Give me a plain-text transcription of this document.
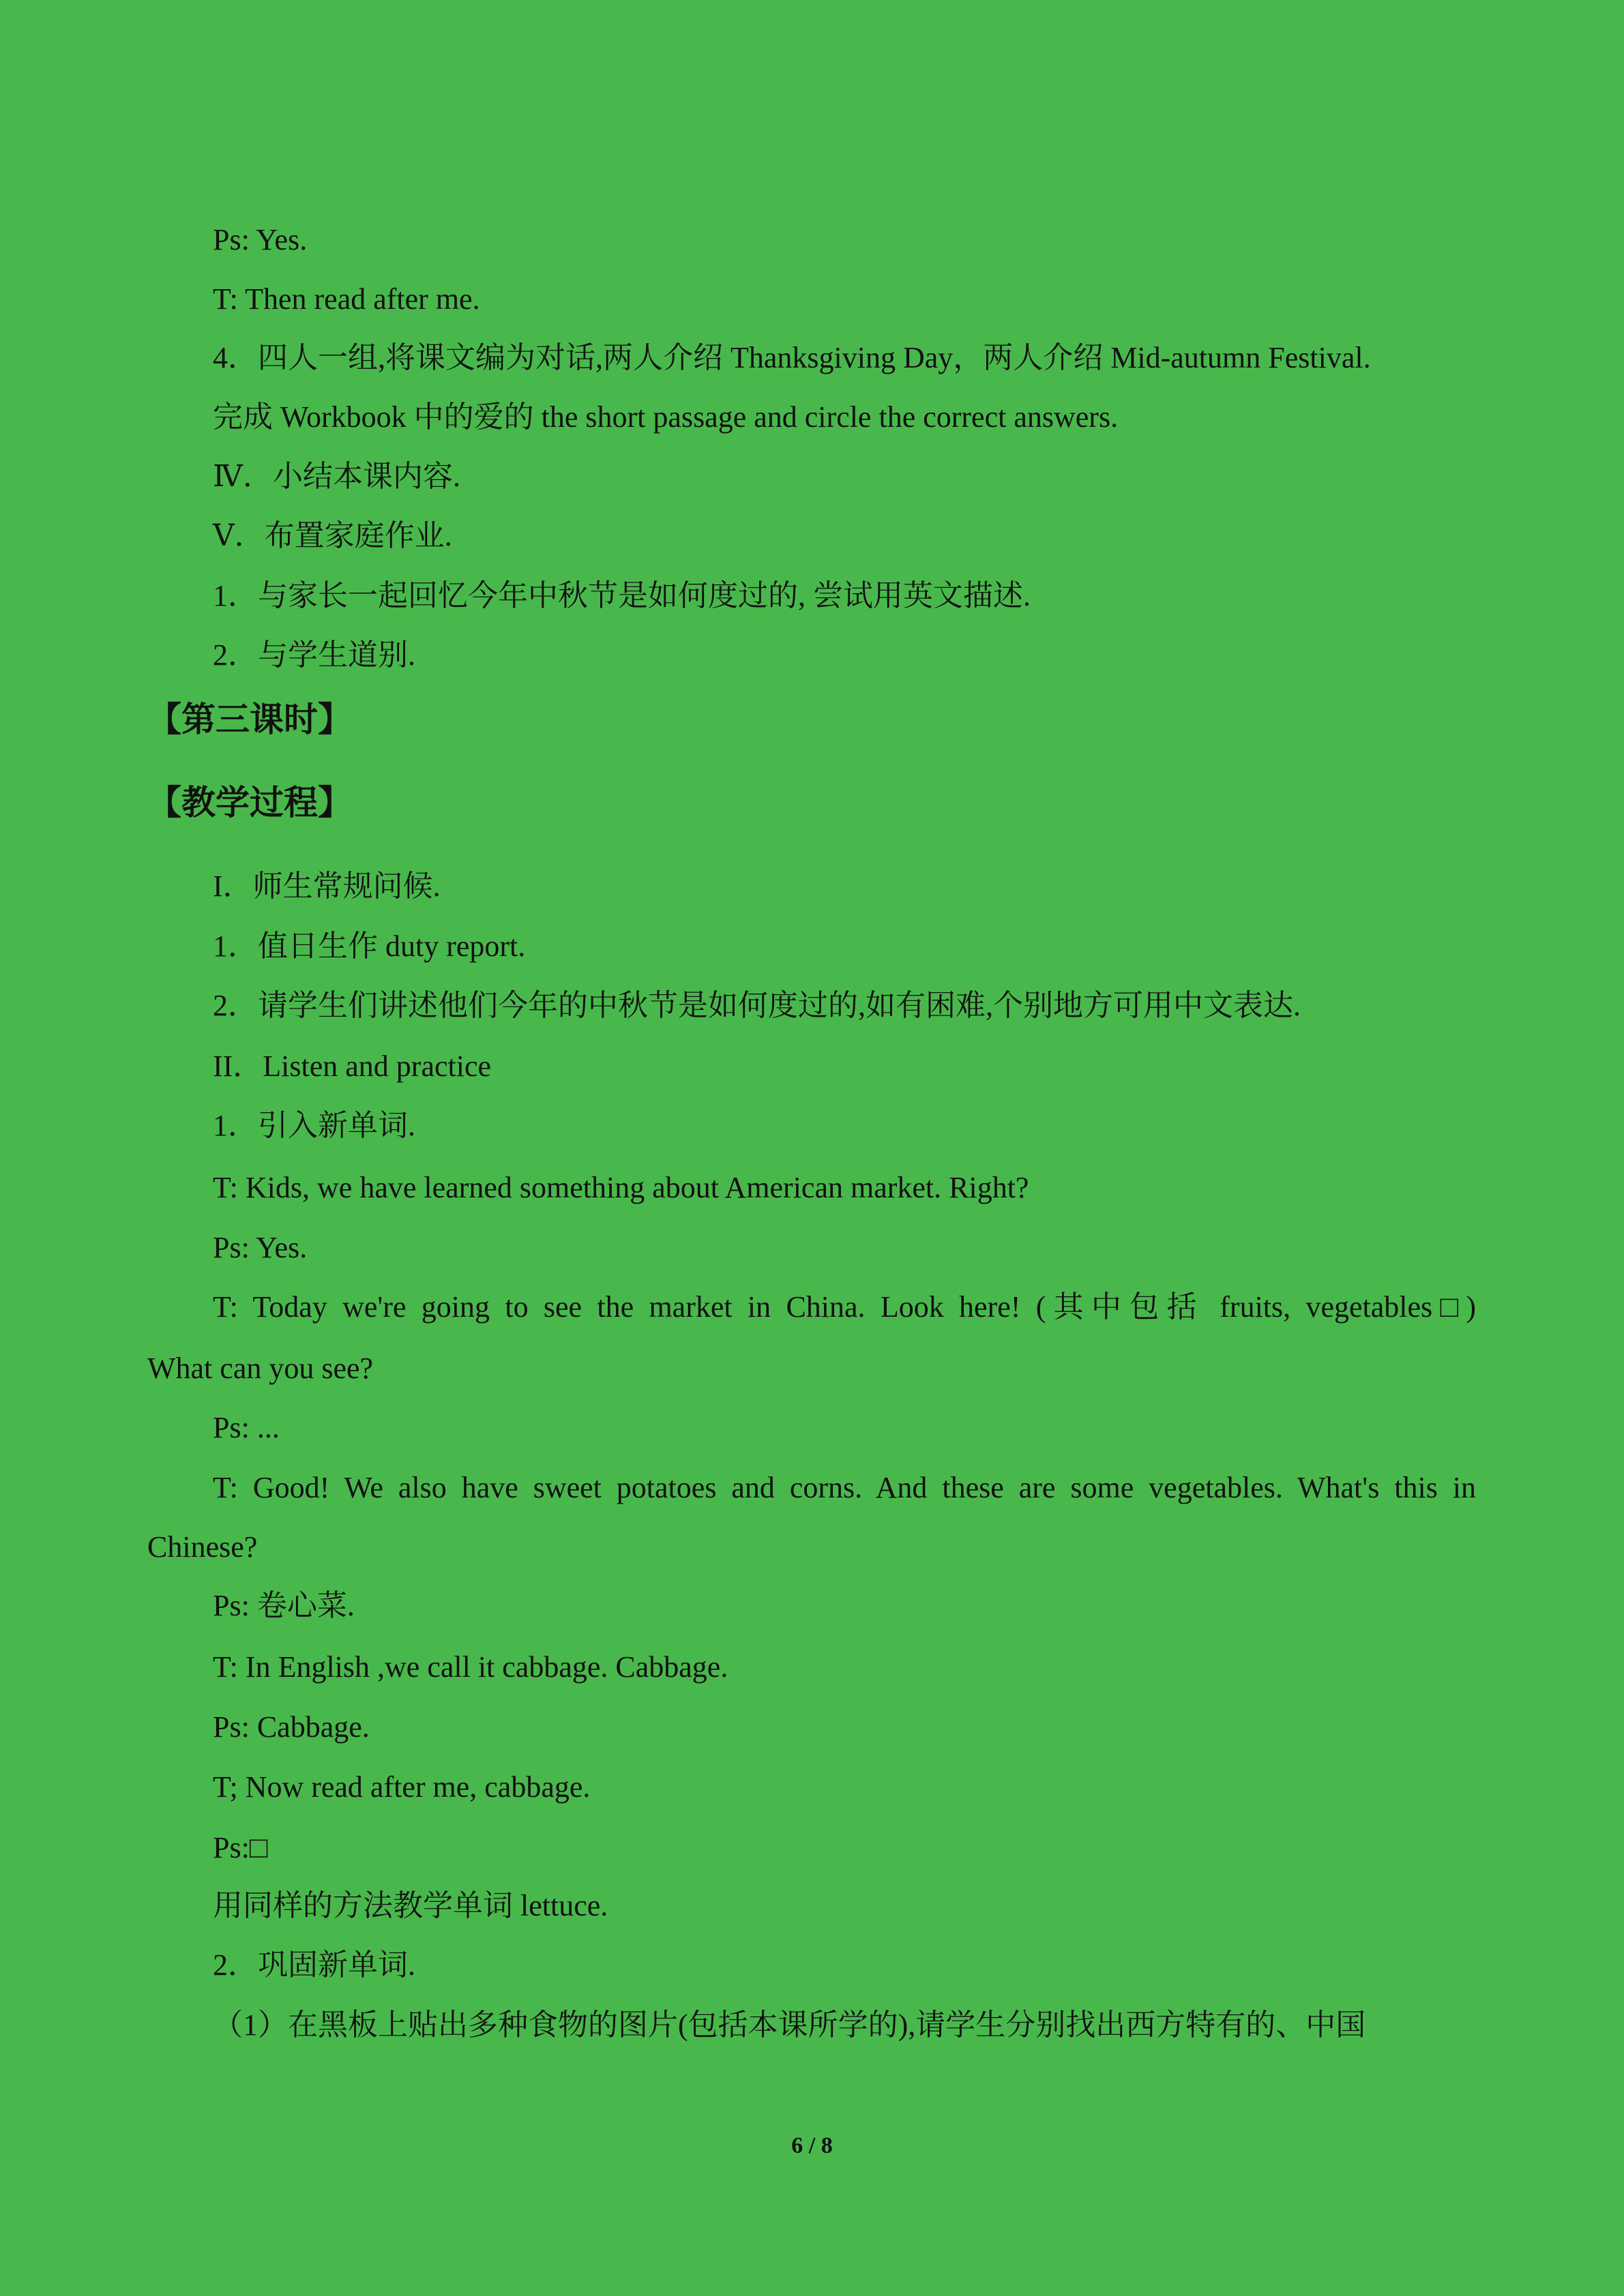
Ps: Yes.
T: Then read after me.
4．四人一组,将课文编为对话,两人介绍 Thanksgiving Day，两人介绍 Mid-autumn Festival.
完成 Workbook 中的爱的 the short passage and circle the correct answers.
Ⅳ．小结本课内容.
Ⅴ．布置家庭作业.
1．与家长一起回忆今年中秋节是如何度过的, 尝试用英文描述.
2．与学生道别.
【第三课时】
【教学过程】
I．师生常规问候.
1．值日生作 duty report.
2．请学生们讲述他们今年的中秋节是如何度过的,如有困难,个别地方可用中文表达.
II．Listen and practice
1．引入新单词.
T: Kids, we have learned something about American market. Right?
Ps: Yes.
T: Today we're going to see the market in China. Look here! (其中包括 fruits, vegetables□)
What can you see?
Ps: ...
T: Good! We also have sweet potatoes and corns. And these are some vegetables. What's this in
Chinese?
Ps: 卷心菜.
T: In English ,we call it cabbage. Cabbage.
Ps: Cabbage.
T; Now read after me, cabbage.
Ps:□
用同样的方法教学单词 lettuce.
2．巩固新单词.
（1）在黑板上贴出多种食物的图片(包括本课所学的),请学生分别找出西方特有的、中国
6 / 8
